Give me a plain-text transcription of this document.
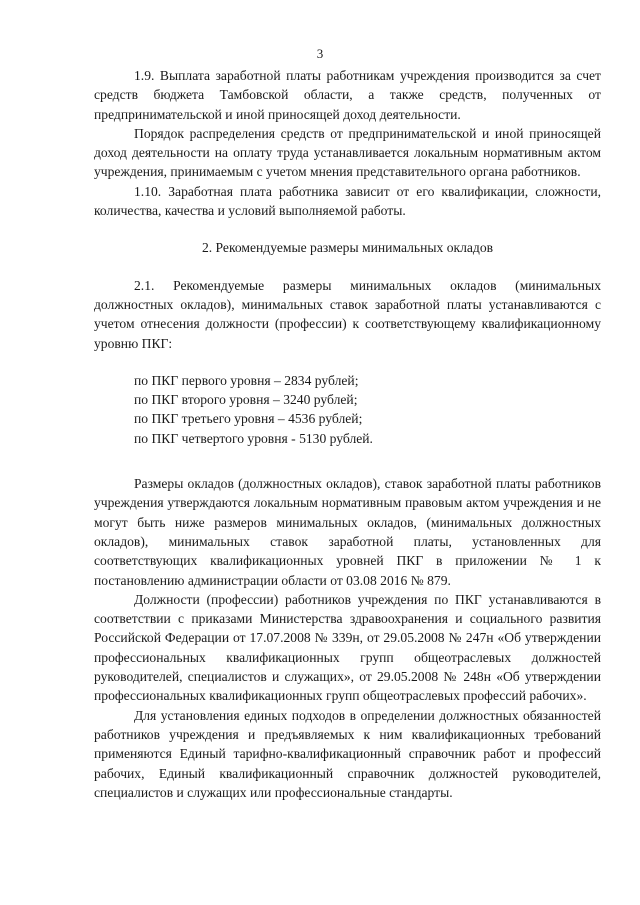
3

1.9. Выплата заработной платы работникам учреждения производится за счет средств бюджета Тамбовской области, а также средств, полученных от предпринимательской и иной приносящей доход деятельности.

Порядок распределения средств от предпринимательской и иной приносящей доход деятельности на оплату труда устанавливается локальным нормативным актом учреждения, принимаемым с учетом мнения представительного органа работников.

1.10. Заработная плата работника зависит от его квалификации, сложности, количества, качества и условий выполняемой работы.

2. Рекомендуемые размеры минимальных окладов

2.1. Рекомендуемые размеры минимальных окладов (минимальных должностных окладов), минимальных ставок заработной платы устанавливаются с учетом отнесения должности (профессии) к соответствующему квалификационному уровню ПКГ:

по ПКГ первого уровня – 2834 рублей;
по ПКГ второго уровня – 3240 рублей;
по ПКГ третьего уровня – 4536 рублей;
по ПКГ четвертого уровня - 5130 рублей.

Размеры окладов (должностных окладов), ставок заработной платы работников учреждения утверждаются локальным нормативным правовым актом учреждения и не могут быть ниже размеров минимальных окладов, (минимальных должностных окладов), минимальных ставок заработной платы, установленных для соответствующих квалификационных уровней ПКГ в приложении № 1 к постановлению администрации области от 03.08 2016 № 879.

Должности (профессии) работников учреждения по ПКГ устанавливаются в соответствии с приказами Министерства здравоохранения и социального развития Российской Федерации от 17.07.2008 № 339н, от 29.05.2008 № 247н «Об утверждении профессиональных квалификационных групп общеотраслевых должностей руководителей, специалистов и служащих», от 29.05.2008 № 248н «Об утверждении профессиональных квалификационных групп общеотраслевых профессий рабочих».

Для установления единых подходов в определении должностных обязанностей работников учреждения и предъявляемых к ним квалификационных требований применяются Единый тарифно-квалификационный справочник работ и профессий рабочих, Единый квалификационный справочник должностей руководителей, специалистов и служащих или профессиональные стандарты.
